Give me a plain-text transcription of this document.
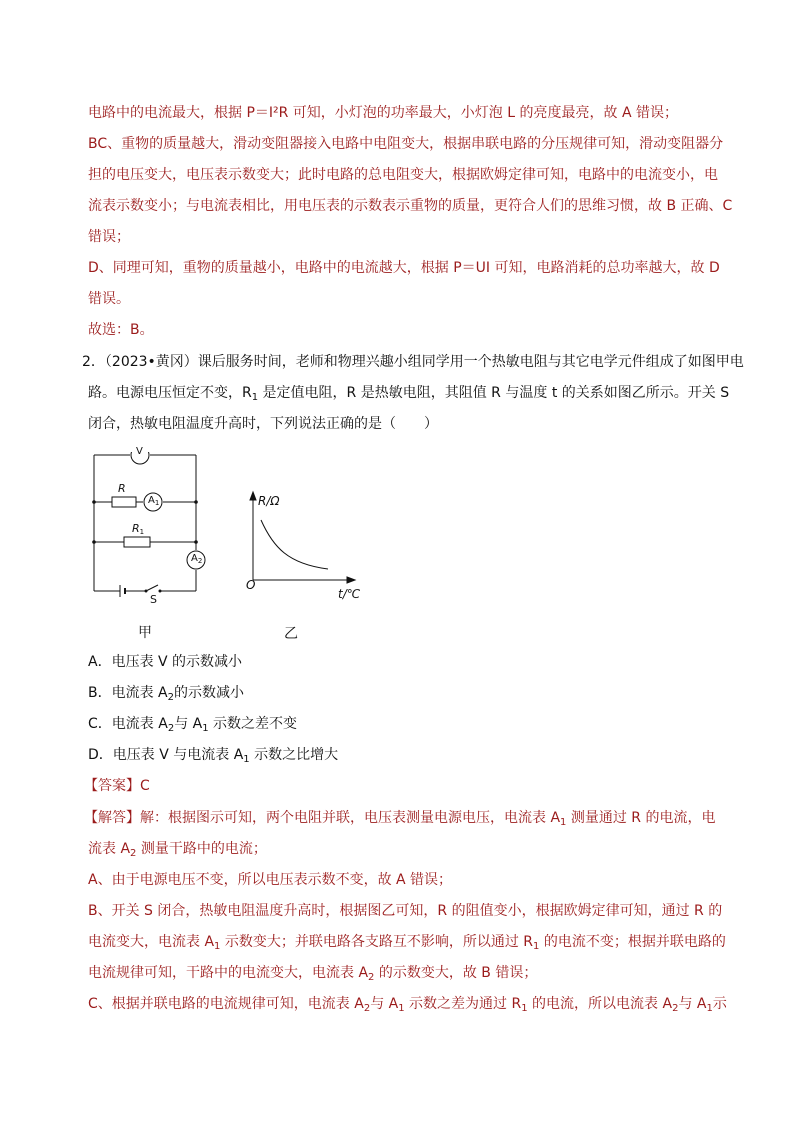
电路中的电流最大，根据 P＝I²R 可知，小灯泡的功率最大，小灯泡 L 的亮度最亮，故 A 错误；
BC、重物的质量越大，滑动变阻器接入电路中电阻变大，根据串联电路的分压规律可知，滑动变阻器分
担的电压变大，电压表示数变大；此时电路的总电阻变大，根据欧姆定律可知，电路中的电流变小，电
流表示数变小；与电流表相比，用电压表的示数表示重物的质量，更符合人们的思维习惯，故 B 正确、C
错误；
D、同理可知，重物的质量越小，电路中的电流越大，根据 P＝UI 可知，电路消耗的总功率越大，故 D
错误。
故选：B。
2．（2023•黄冈）课后服务时间，老师和物理兴趣小组同学用一个热敏电阻与其它电学元件组成了如图甲电
路。电源电压恒定不变，$R_1$ 是定值电阻，R 是热敏电阻，其阻值 R 与温度 t 的关系如图乙所示。开关 S
闭合，热敏电阻温度升高时，下列说法正确的是（　　）
V
R
$A_1$
R1
$A_2$
S
R/Ω
t/℃
O
甲	乙
A．电压表 V 的示数减小
B．电流表 $A_2$的示数减小
C．电流表 $A_2$与 $A_1$ 示数之差不变
D．电压表 V 与电流表 $A_1$ 示数之比增大
【答案】C
【解答】解：根据图示可知，两个电阻并联，电压表测量电源电压，电流表 $A_1$ 测量通过 R 的电流，电
流表 $A_2$ 测量干路中的电流；
A、由于电源电压不变，所以电压表示数不变，故 A 错误；
B、开关 S 闭合，热敏电阻温度升高时，根据图乙可知，R 的阻值变小，根据欧姆定律可知，通过 R 的
电流变大，电流表 $A_1$ 示数变大；并联电路各支路互不影响，所以通过 $R_1$ 的电流不变；根据并联电路的
电流规律可知，干路中的电流变大，电流表 $A_2$ 的示数变大，故 B 错误；
C、根据并联电路的电流规律可知，电流表 $A_2$与 $A_1$ 示数之差为通过 $R_1$ 的电流，所以电流表 $A_2$与 $A_1$示
